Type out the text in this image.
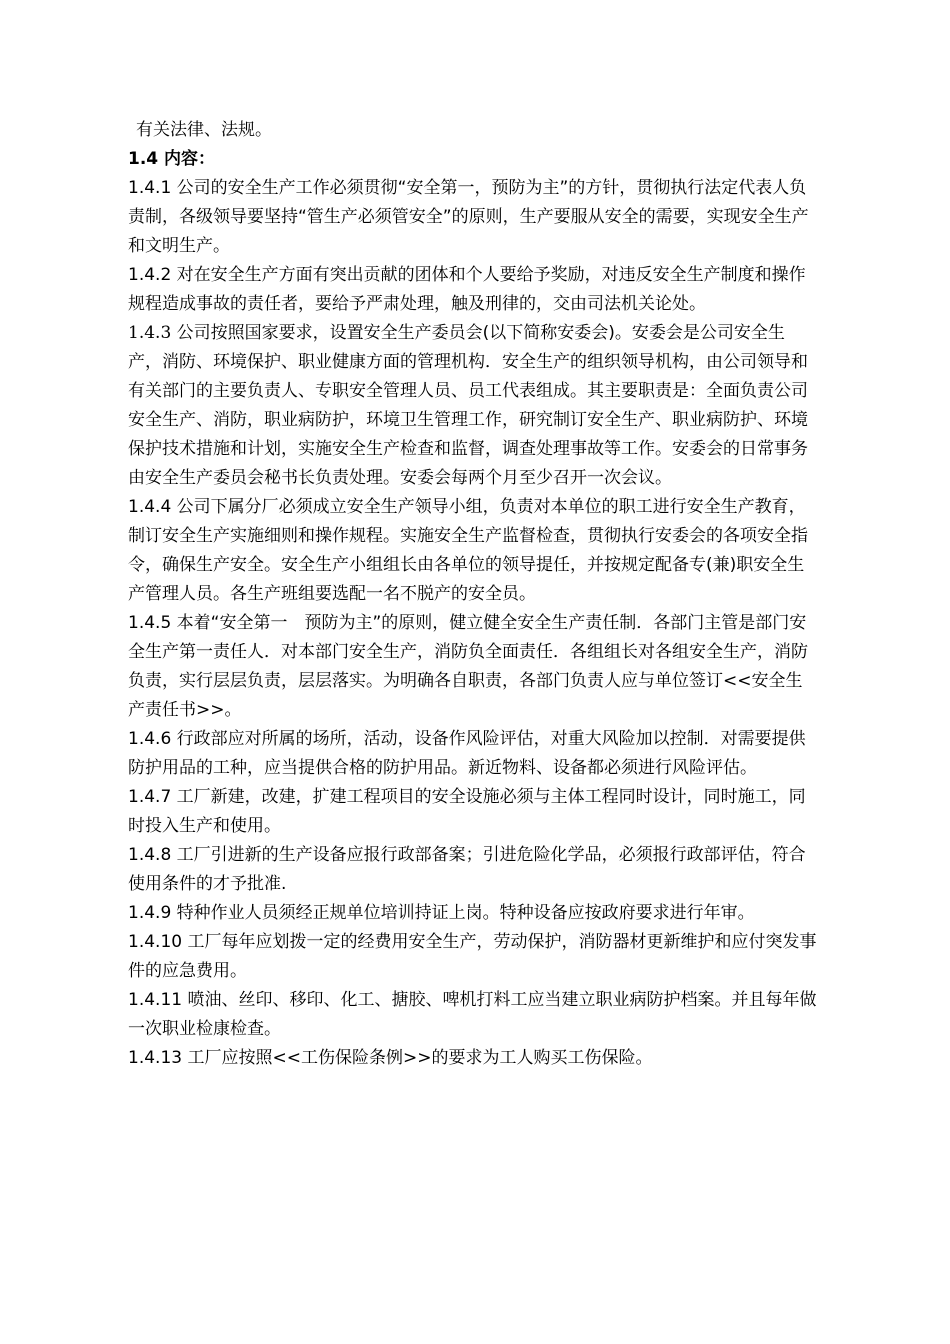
有关法律、法规。

1.4 内容：

1.4.1 公司的安全生产工作必须贯彻“安全第一，预防为主”的方针，贯彻执行法定代表人负责制，各级领导要坚持“管生产必须管安全”的原则，生产要服从安全的需要，实现安全生产和文明生产。

1.4.2 对在安全生产方面有突出贡献的团体和个人要给予奖励，对违反安全生产制度和操作规程造成事故的责任者，要给予严肃处理，触及刑律的，交由司法机关论处。

1.4.3 公司按照国家要求，设置安全生产委员会(以下简称安委会)。安委会是公司安全生产，消防、环境保护、职业健康方面的管理机构．安全生产的组织领导机构，由公司领导和有关部门的主要负责人、专职安全管理人员、员工代表组成。其主要职责是：全面负责公司安全生产、消防，职业病防护，环境卫生管理工作，研究制订安全生产、职业病防护、环境保护技术措施和计划，实施安全生产检查和监督，调查处理事故等工作。安委会的日常事务由安全生产委员会秘书长负责处理。安委会每两个月至少召开一次会议。

1.4.4 公司下属分厂必须成立安全生产领导小组，负责对本单位的职工进行安全生产教育，制订安全生产实施细则和操作规程。实施安全生产监督检查，贯彻执行安委会的各项安全指令，确保生产安全。安全生产小组组长由各单位的领导提任，并按规定配备专(兼)职安全生产管理人员。各生产班组要选配一名不脱产的安全员。

1.4.5 本着“安全第一　预防为主”的原则，健立健全安全生产责任制．各部门主管是部门安全生产第一责任人．对本部门安全生产，消防负全面责任．各组组长对各组安全生产，消防负责，实行层层负责，层层落实。为明确各自职责，各部门负责人应与单位签订<<安全生产责任书>>。

1.4.6 行政部应对所属的场所，活动，设备作风险评估，对重大风险加以控制．对需要提供防护用品的工种，应当提供合格的防护用品。新近物料、设备都必须进行风险评估。

1.4.7 工厂新建，改建，扩建工程项目的安全设施必须与主体工程同时设计，同时施工，同时投入生产和使用。

1.4.8 工厂引进新的生产设备应报行政部备案；引进危险化学品，必须报行政部评估，符合使用条件的才予批准.

1.4.9 特种作业人员须经正规单位培训持证上岗。特种设备应按政府要求进行年审。

1.4.10 工厂每年应划拨一定的经费用安全生产，劳动保护，消防器材更新维护和应付突发事件的应急费用。

1.4.11 喷油、丝印、移印、化工、搪胶、啤机打料工应当建立职业病防护档案。并且每年做一次职业检康检查。

1.4.13 工厂应按照<<工伤保险条例>>的要求为工人购买工伤保险。
